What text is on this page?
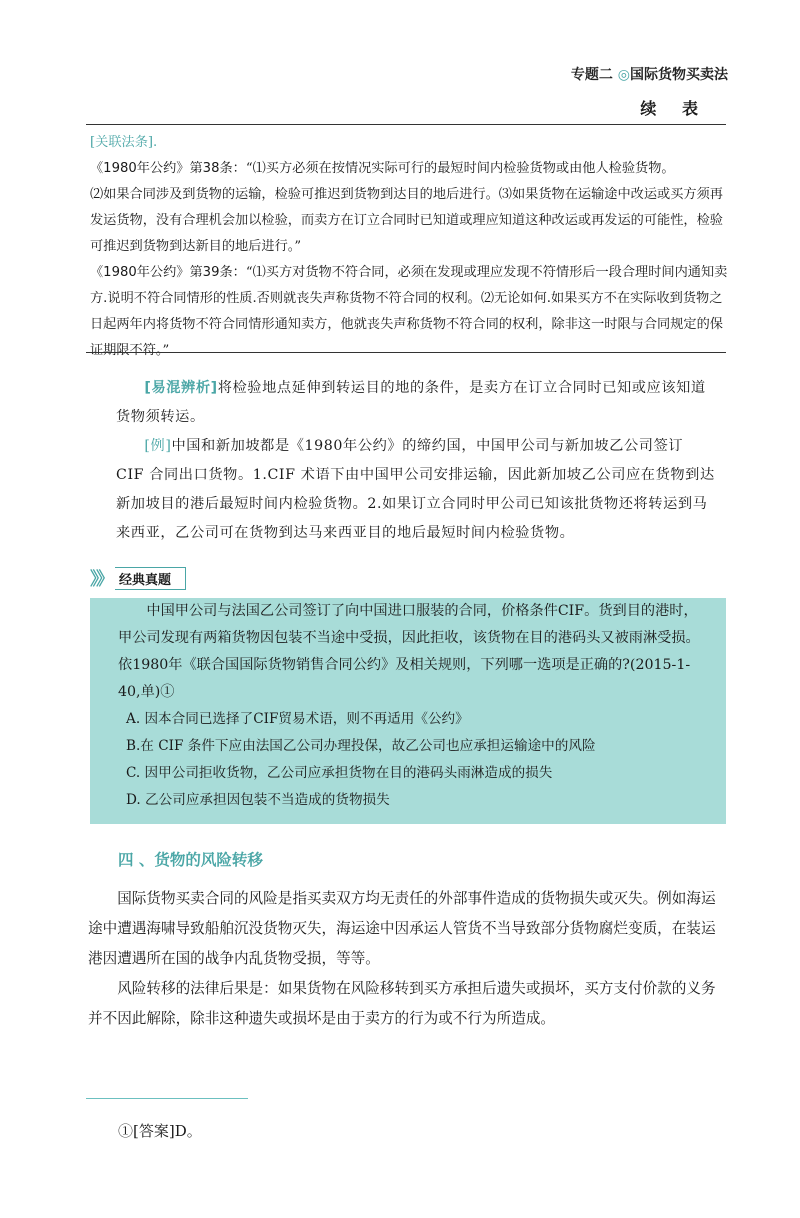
专题二 ◎国际货物买卖法
续 表

[关联法条].

《1980年公约》第38条：“⑴买方必须在按情况实际可行的最短时间内检验货物或由他人检验货物。

⑵如果合同涉及到货物的运输，检验可推迟到货物到达目的地后进行。⑶如果货物在运输途中改运或买方须再发运货物，没有合理机会加以检验，而卖方在订立合同时已知道或理应知道这种改运或再发运的可能性，检验可推迟到货物到达新目的地后进行。”

《1980年公约》第39条：“⑴买方对货物不符合同，必须在发现或理应发现不符情形后一段合理时间内通知卖方.说明不符合同情形的性质.否则就丧失声称货物不符合同的权利。⑵无论如何.如果买方不在实际收到货物之日起两年内将货物不符合同情形通知卖方，他就丧失声称货物不符合同的权利，除非这一时限与合同规定的保证期限不符。”

[易混辨析]将检验地点延伸到转运目的地的条件，是卖方在订立合同时已知或应该知道货物须转运。

[例]中国和新加坡都是《1980年公约》的缔约国，中国甲公司与新加坡乙公司签订 CIF 合同出口货物。1.CIF 术语下由中国甲公司安排运输，因此新加坡乙公司应在货物到达新加坡目的港后最短时间内检验货物。2.如果订立合同时甲公司已知该批货物还将转运到马来西亚，乙公司可在货物到达马来西亚目的地后最短时间内检验货物。

》》 经典真题

中国甲公司与法国乙公司签订了向中国进口服装的合同，价格条件CIF。货到目的港时，甲公司发现有两箱货物因包装不当途中受损，因此拒收，该货物在目的港码头又被雨淋受损。依1980年《联合国国际货物销售合同公约》及相关规则，下列哪一选项是正确的?(2015-1-40,单)①

A. 因本合同已选择了CIF贸易术语，则不再适用《公约》

B.在 CIF 条件下应由法国乙公司办理投保，故乙公司也应承担运输途中的风险

C. 因甲公司拒收货物，乙公司应承担货物在目的港码头雨淋造成的损失

D. 乙公司应承担因包装不当造成的货物损失

四 、货物的风险转移

国际货物买卖合同的风险是指买卖双方均无责任的外部事件造成的货物损失或灭失。例如海运途中遭遇海啸导致船舶沉没货物灭失，海运途中因承运人管货不当导致部分货物腐烂变质，在装运港因遭遇所在国的战争内乱货物受损，等等。

风险转移的法律后果是：如果货物在风险移转到买方承担后遗失或损坏，买方支付价款的义务并不因此解除，除非这种遗失或损坏是由于卖方的行为或不行为所造成。

①[答案]D。
